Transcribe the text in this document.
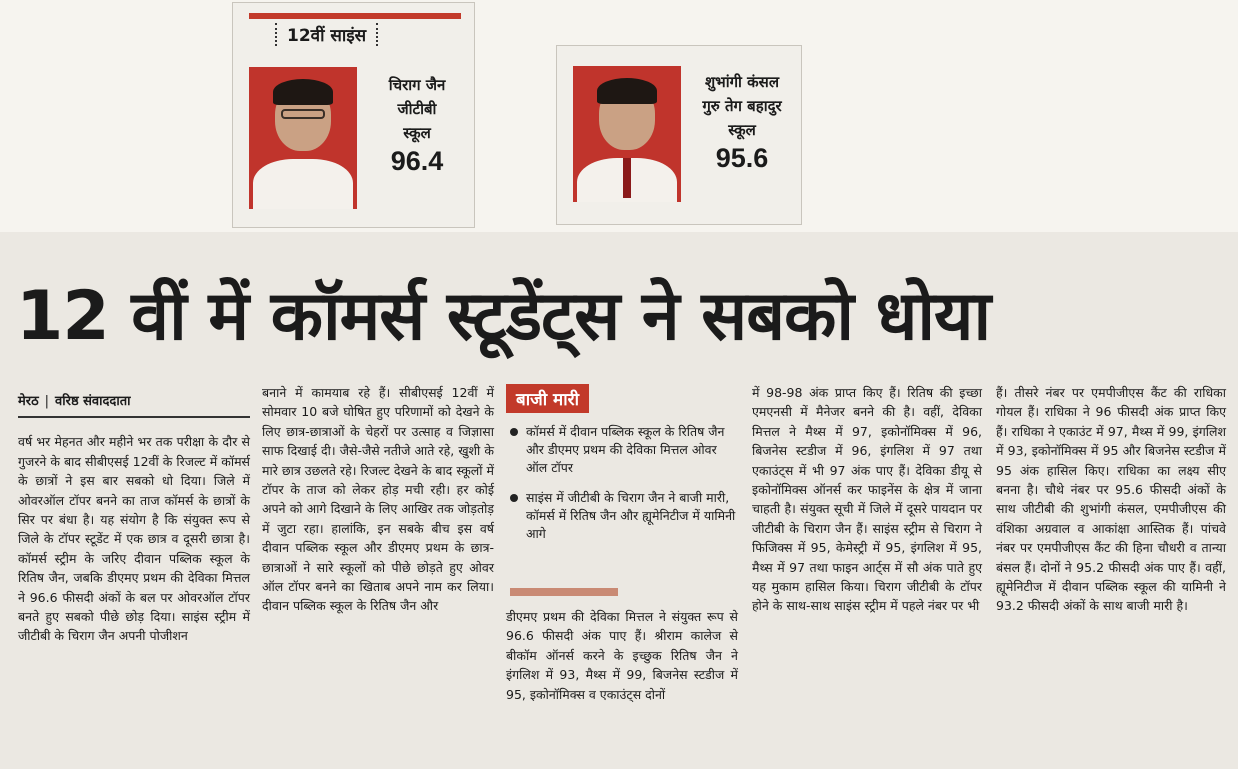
12वीं साइंस
चिराग जैन
जीटीबी
स्कूल
96.4
शुभांगी कंसल
गुरु तेग बहादुर
स्कूल
95.6
12 वीं में कॉमर्स स्टूडेंट्स ने सबको धोया
मेरठ | वरिष्ठ संवाददाता

वर्ष भर मेहनत और महीने भर तक परीक्षा के दौर से गुजरने के बाद सीबीएसई 12वीं के रिजल्ट में कॉमर्स के छात्रों ने इस बार सबको धो दिया। जिले में ओवरऑल टॉपर बनने का ताज कॉमर्स के छात्रों के सिर पर बंधा है। यह संयोग है कि संयुक्त रूप से जिले के टॉपर स्टूडेंट में एक छात्र व दूसरी छात्रा है। कॉमर्स स्ट्रीम के जरिए दीवान पब्लिक स्कूल के रितिष जैन, जबकि डीएमए प्रथम की देविका मित्तल ने 96.6 फीसदी अंकों के बल पर ओवरऑल टॉपर बनते हुए सबको पीछे छोड़ दिया। साइंस स्ट्रीम में जीटीबी के चिराग जैन अपनी पोजीशन

बनाने में कामयाब रहे हैं। सीबीएसई 12वीं में सोमवार 10 बजे घोषित हुए परिणामों को देखने के लिए छात्र-छात्राओं के चेहरों पर उत्साह व जिज्ञासा साफ दिखाई दी। जैसे-जैसे नतीजे आते रहे, खुशी के मारे छात्र उछलते रहे। रिजल्ट देखने के बाद स्कूलों में टॉपर के ताज को लेकर होड़ मची रही। हर कोई अपने को आगे दिखाने के लिए आखिर तक जोड़तोड़ में जुटा रहा। हालांकि, इन सबके बीच इस वर्ष दीवान पब्लिक स्कूल और डीएमए प्रथम के छात्र-छात्राओं ने सारे स्कूलों को पीछे छोड़ते हुए ओवर ऑल टॉपर बनने का खिताब अपने नाम कर लिया। दीवान पब्लिक स्कूल के रितिष जैन और

बाजी मारी
कॉमर्स में दीवान पब्लिक स्कूल के रितिष जैन और डीएमए प्रथम की देविका मित्तल ओवर ऑल टॉपर
साइंस में जीटीबी के चिराग जैन ने बाजी मारी, कॉमर्स में रितिष जैन और ह्यूमेनिटीज में यामिनी आगे

डीएमए प्रथम की देविका मित्तल ने संयुक्त रूप से 96.6 फीसदी अंक पाए हैं। श्रीराम कालेज से बीकॉम ऑनर्स करने के इच्छुक रितिष जैन ने इंगलिश में 93, मैथ्स में 99, बिजनेस स्टडीज में 95, इकोनॉमिक्स व एकाउंट्स दोनों

में 98-98 अंक प्राप्त किए हैं। रितिष की इच्छा एमएनसी में मैनेजर बनने की है। वहीं, देविका मित्तल ने मैथ्स में 97, इकोनॉमिक्स में 96, बिजनेस स्टडीज में 96, इंगलिश में 97 तथा एकाउंट्स में भी 97 अंक पाए हैं। देविका डीयू से इकोनॉमिक्स ऑनर्स कर फाइनेंस के क्षेत्र में जाना चाहती है। संयुक्त सूची में जिले में दूसरे पायदान पर जीटीबी के चिराग जैन हैं। साइंस स्ट्रीम से चिराग ने फिजिक्स में 95, केमेस्ट्री में 95, इंगलिश में 95, मैथ्स में 97 तथा फाइन आर्ट्स में सौ अंक पाते हुए यह मुकाम हासिल किया। चिराग जीटीबी के टॉपर होने के साथ-साथ साइंस स्ट्रीम में पहले नंबर पर भी

हैं। तीसरे नंबर पर एमपीजीएस कैंट की राधिका गोयल हैं। राधिका ने 96 फीसदी अंक प्राप्त किए हैं। राधिका ने एकाउंट में 97, मैथ्स में 99, इंगलिश में 93, इकोनॉमिक्स में 95 और बिजनेस स्टडीज में 95 अंक हासिल किए। राधिका का लक्ष्य सीए बनना है। चौथे नंबर पर 95.6 फीसदी अंकों के साथ जीटीबी की शुभांगी कंसल, एमपीजीएस की वंशिका अग्रवाल व आकांक्षा आस्तिक हैं। पांचवे नंबर पर एमपीजीएस कैंट की हिना चौधरी व तान्या बंसल हैं। दोनों ने 95.2 फीसदी अंक पाए हैं। वहीं, ह्यूमेनिटीज में दीवान पब्लिक स्कूल की यामिनी ने 93.2 फीसदी अंकों के साथ बाजी मारी है।
